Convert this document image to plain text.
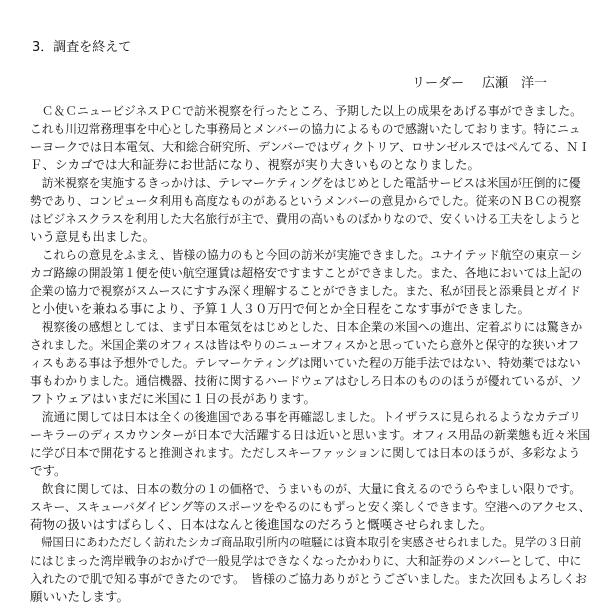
3．調査を終えて
リーダー 広瀬　洋一
　Ｃ＆ＣニュービジネスＰＣで訪米視察を行ったところ、予期した以上の成果をあげる事ができました。
これも川辺常務理事を中心とした事務局とメンバーの協力によるもので感謝いたしております。特にニュ
ーヨークでは日本電気、大和総合研究所、デンバーではヴィクトリア、ロサンゼルスではぺんてる、ＮＩ
Ｆ、シカゴでは大和証券にお世話になり、視察が実り大きいものとなりました。
　訪米視察を実施するきっかけは、テレマーケティングをはじめとした電話サービスは米国が圧倒的に優
勢であり、コンピュータ利用も高度なものがあるというメンバーの意見からでした。従来のＮＢＣの視察
はビジネスクラスを利用した大名旅行が主で、費用の高いものばかりなので、安くいける工夫をしようと
いう意見も出ました。
　これらの意見をふまえ、皆様の協力のもと今回の訪米が実施できました。ユナイテッド航空の東京－シ
カゴ路線の開設第１便を使い航空運賃は超格安ですますことができました。また、各地においては上記の
企業の協力で視察がスムースにすすみ深く理解することができました。また、私が団長と添乗員とガイド
と小使いを兼ねる事により、予算１人３０万円で何とか全日程をこなす事ができました。
　視察後の感想としては、まず日本電気をはじめとした、日本企業の米国への進出、定着ぶりには驚きか
されました。米国企業のオフィスは皆はやりのニューオフィスかと思っていたら意外と保守的な狭いオフ
ィスもある事は予想外でした。テレマーケティングは聞いていた程の万能手法ではない、特効薬ではない
事もわかりました。通信機器、技術に関するハードウェアはむしろ日本のもののほうが優れているが、ソ
フトウェアはいまだに米国に１日の長があります。
　流通に関しては日本は全くの後進国である事を再確認しました。トイザラスに見られるようなカテゴリ
ーキラーのディスカウンターが日本で大活躍する日は近いと思います。オフィス用品の新業態も近々米国
に学び日本で開花すると推測されます。ただしスキーファッションに関しては日本のほうが、多彩なよう
です。
　飲食に関しては、日本の数分の１の価格で、うまいものが、大量に食えるのでうらやましい限りです。
スキー、スキューバダイビング等のスポーツをやるのにもずっと安く楽しくできます。空港へのアクセス、
荷物の扱いはすばらしく、日本はなんと後進国なのだろうと慨嘆させられました。
　帰国日にあわただしく訪れたシカゴ商品取引所内の喧騒には資本取引を実感させられました。見学の３日前
にはじまった湾岸戦争のおかげで一般見学はできなくなったかわりに、大和証券のメンバーとして、中に
入れたので肌で知る事ができたのです。　皆様のご協力ありがとうございました。また次回もよろしくお
願いいたします。
